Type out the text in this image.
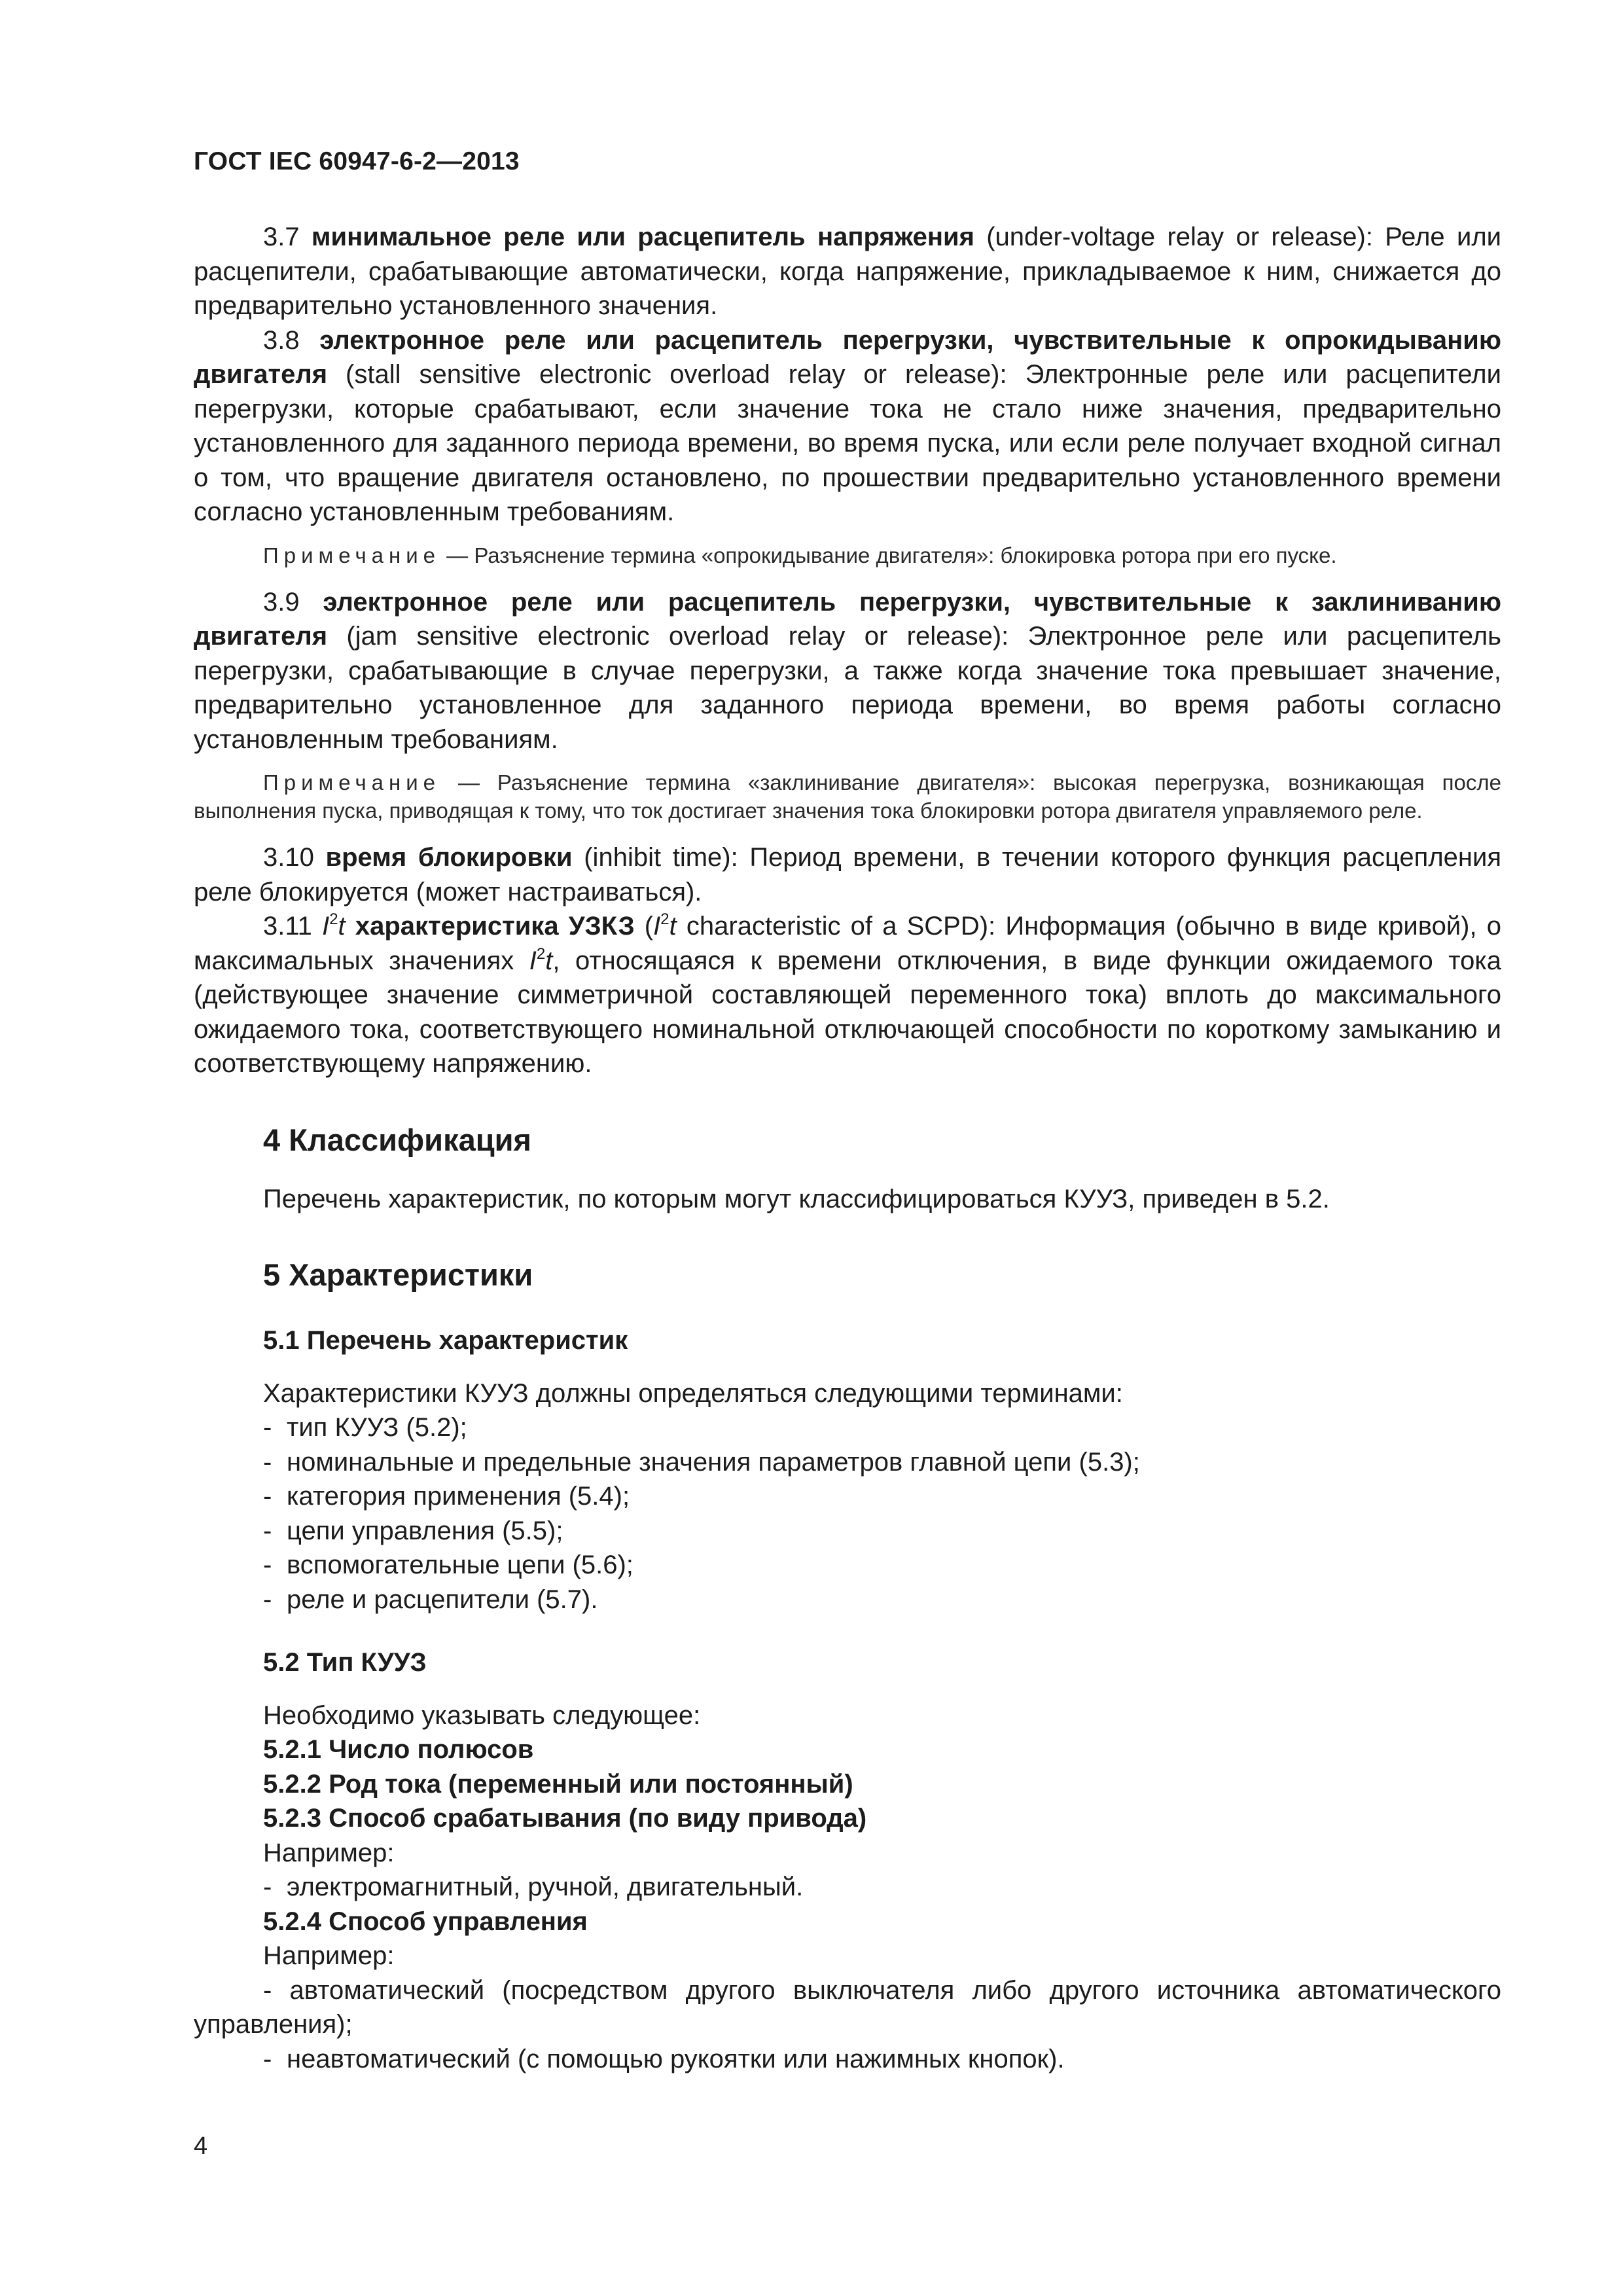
ГОСТ IEC 60947-6-2—2013

3.7 минимальное реле или расцепитель напряжения (under-voltage relay or release): Реле или расцепители, срабатывающие автоматически, когда напряжение, прикладываемое к ним, снижается до предварительно установленного значения.

3.8 электронное реле или расцепитель перегрузки, чувствительные к опрокидыванию двигателя (stall sensitive electronic overload relay or release): Электронные реле или расцепители перегрузки, которые срабатывают, если значение тока не стало ниже значения, предварительно установленного для заданного периода времени, во время пуска, или если реле получает входной сигнал о том, что вращение двигателя остановлено, по прошествии предварительно установленного времени согласно установленным требованиям.

Примечание — Разъяснение термина «опрокидывание двигателя»: блокировка ротора при его пуске.

3.9 электронное реле или расцепитель перегрузки, чувствительные к заклиниванию двигателя (jam sensitive electronic overload relay or release): Электронное реле или расцепитель перегрузки, срабатывающие в случае перегрузки, а также когда значение тока превышает значение, предварительно установленное для заданного периода времени, во время работы согласно установленным требованиям.

Примечание — Разъяснение термина «заклинивание двигателя»: высокая перегрузка, возникающая после выполнения пуска, приводящая к тому, что ток достигает значения тока блокировки ротора двигателя управляемого реле.

3.10 время блокировки (inhibit time): Период времени, в течении которого функция расцепления реле блокируется (может настраиваться).

3.11 $I^2t$ характеристика УЗКЗ ($I^2t$ characteristic of a SCPD): Информация (обычно в виде кривой), о максимальных значениях $I^2t$, относящаяся к времени отключения, в виде функции ожидаемого тока (действующее значение симметричной составляющей переменного тока) вплоть до максимального ожидаемого тока, соответствующего номинальной отключающей способности по короткому замыканию и соответствующему напряжению.

4 Классификация

Перечень характеристик, по которым могут классифицироваться КУУЗ, приведен в 5.2.

5 Характеристики

5.1 Перечень характеристик

Характеристики КУУЗ должны определяться следующими терминами:

- тип КУУЗ (5.2);

- номинальные и предельные значения параметров главной цепи (5.3);

- категория применения (5.4);

- цепи управления (5.5);

- вспомогательные цепи (5.6);

- реле и расцепители (5.7).

5.2 Тип КУУЗ

Необходимо указывать следующее:

5.2.1 Число полюсов

5.2.2 Род тока (переменный или постоянный)

5.2.3 Способ срабатывания (по виду привода)

Например:

- электромагнитный, ручной, двигательный.

5.2.4 Способ управления

Например:

- автоматический (посредством другого выключателя либо другого источника автоматического управления);

- неавтоматический (с помощью рукоятки или нажимных кнопок).

4
